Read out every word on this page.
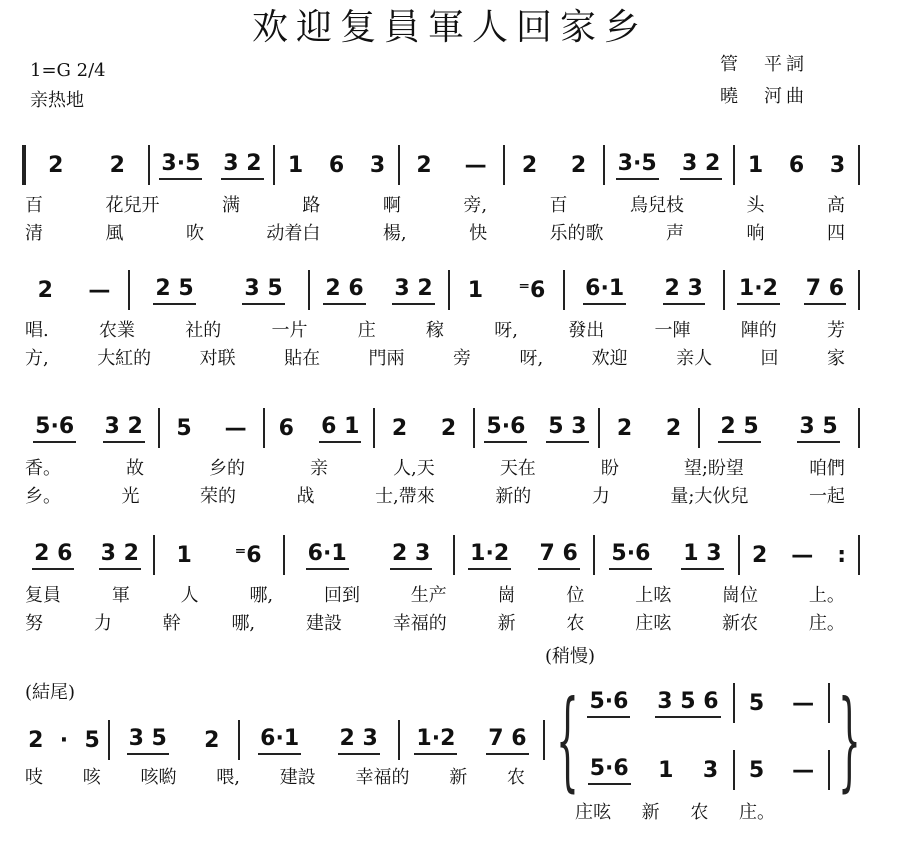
欢迎复員軍人回家乡
1=G 2/4
亲热地
管　平詞
曉　河曲
(稍慢)
(結尾)
2 2 3·5 3 2 1 6 3 2 — 2 2 3·5 3 2 1 6 3
百	花兒开	满	路	啊	旁,	百	鳥兒枝	头	高
清	風	吹	动着白	楊,	快	乐的歌	声	响	四
2 — 2 5 3 5 2 6 3 2 1 ⁼6 6·1 2 3 1·2 7 6
唱.	农業	社的	一片	庄	稼	呀,	發出	一陣	陣的	芳
方,	大紅的	对联	貼在	門兩	旁	呀,	欢迎	亲人	回	家
5·6 3 2 5 — 6 6 1 2 2 5·6 5 3 2 2 2 5 3 5
香。	故	乡的	亲	人,天	天在	盼	望;盼望	咱們
乡。	光	荣的	战	士,帶來	新的	力	量;大伙兒	一起
2 6 3 2 1 ⁼6 6·1 2 3 1·2 7 6 5·6 1 3 2 — :
复員	軍	人	哪,	回到	生产	崗	位	上呟	崗位	上。
努	力	幹	哪,	建設	幸福的	新	农	庄呟	新农	庄。
2 · 5 3 5 2 6·1 2 3 1·2 7 6
吱 咳 咳喲 喂, 建設 幸福的 新 农 {	}
5·6 3 5 6 5 —
5·6 1 3 5 —
庄呟 新 农 庄。
